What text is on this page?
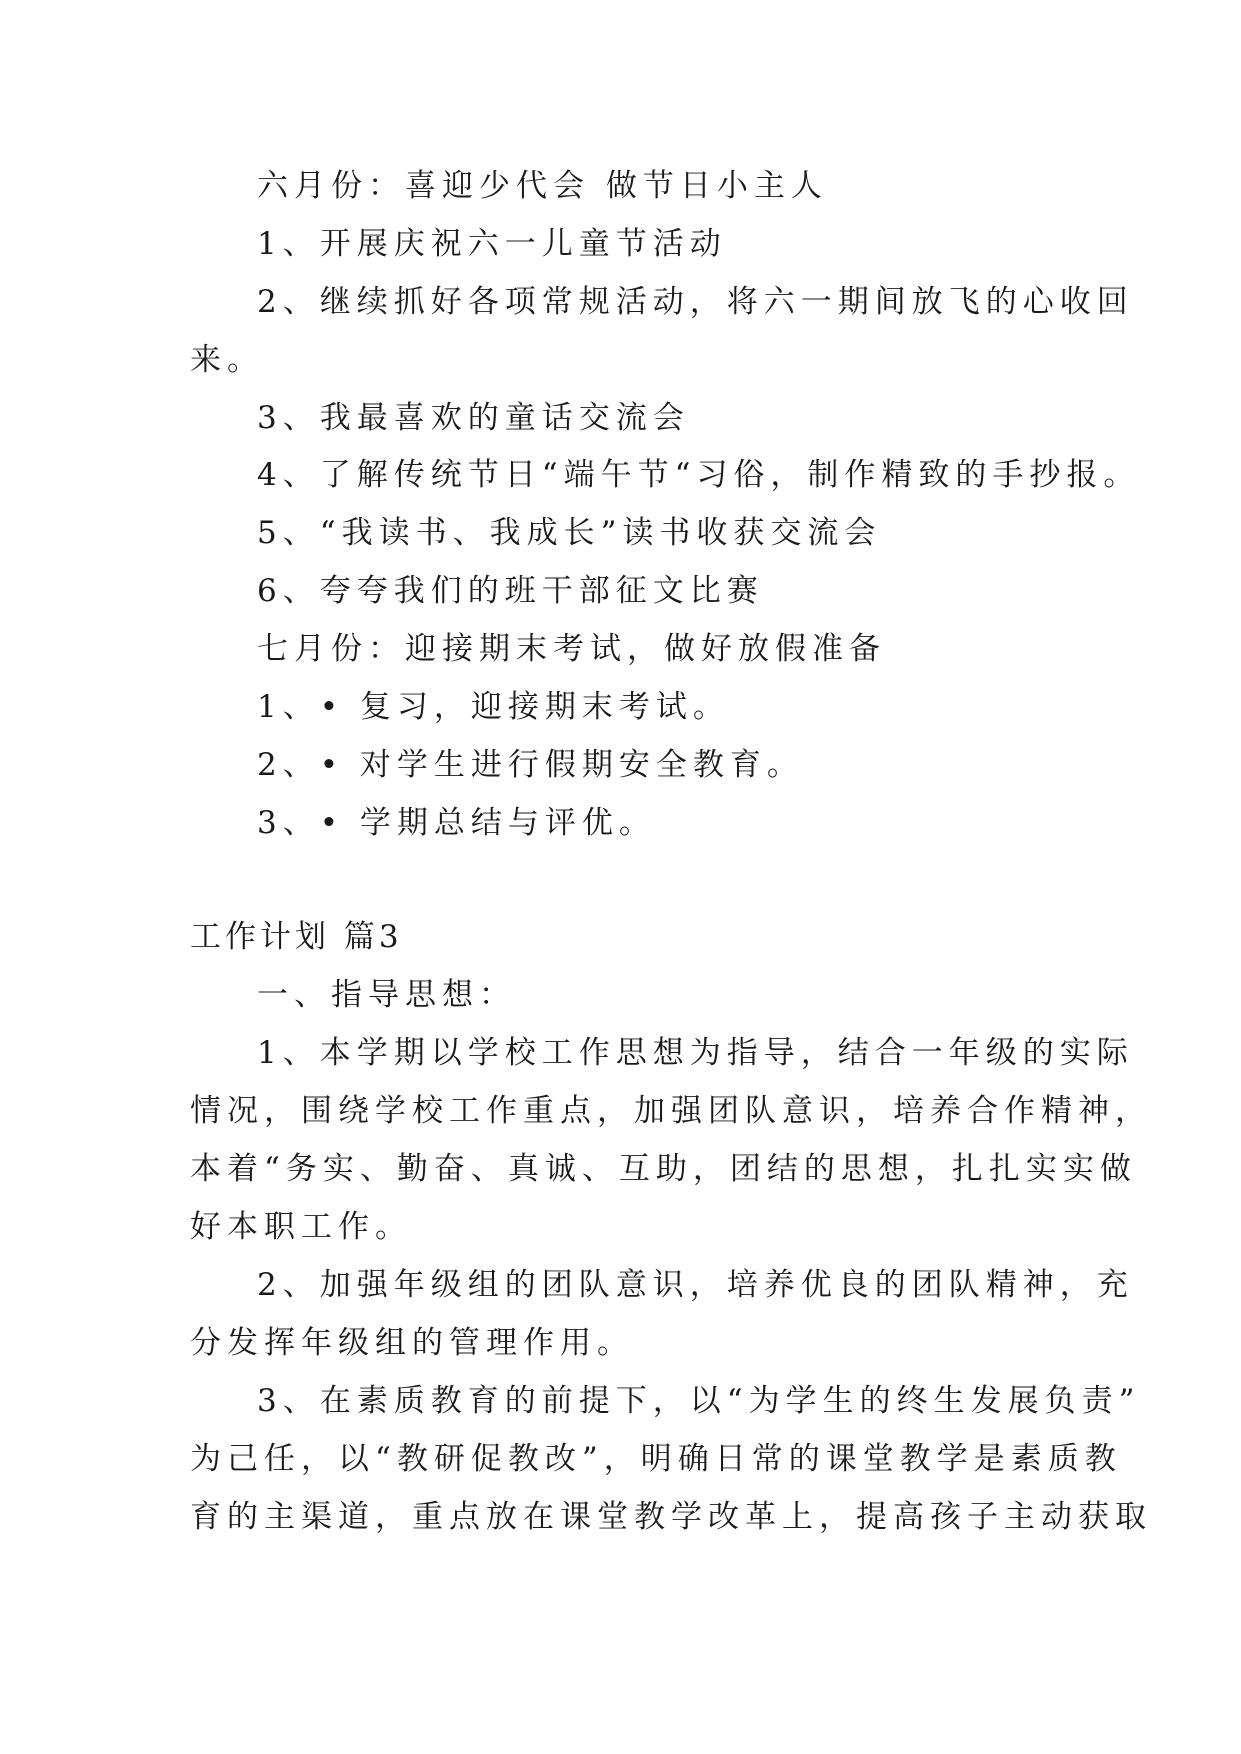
六月份：喜迎少代会 做节日小主人
1、开展庆祝六一儿童节活动
2、继续抓好各项常规活动，将六一期间放飞的心收回
来。
3、我最喜欢的童话交流会
4、了解传统节日“端午节“习俗，制作精致的手抄报。
5、“我读书、我成长”读书收获交流会
6、夸夸我们的班干部征文比赛
七月份：迎接期末考试，做好放假准备
1、• 复习，迎接期末考试。
2、• 对学生进行假期安全教育。
3、• 学期总结与评优。
工作计划 篇3
一、指导思想：
1、本学期以学校工作思想为指导，结合一年级的实际
情况，围绕学校工作重点，加强团队意识，培养合作精神，
本着“务实、勤奋、真诚、互助，团结的思想，扎扎实实做
好本职工作。
2、加强年级组的团队意识，培养优良的团队精神，充
分发挥年级组的管理作用。
3、在素质教育的前提下，以“为学生的终生发展负责”
为己任，以“教研促教改”，明确日常的课堂教学是素质教
育的主渠道，重点放在课堂教学改革上，提高孩子主动获取
